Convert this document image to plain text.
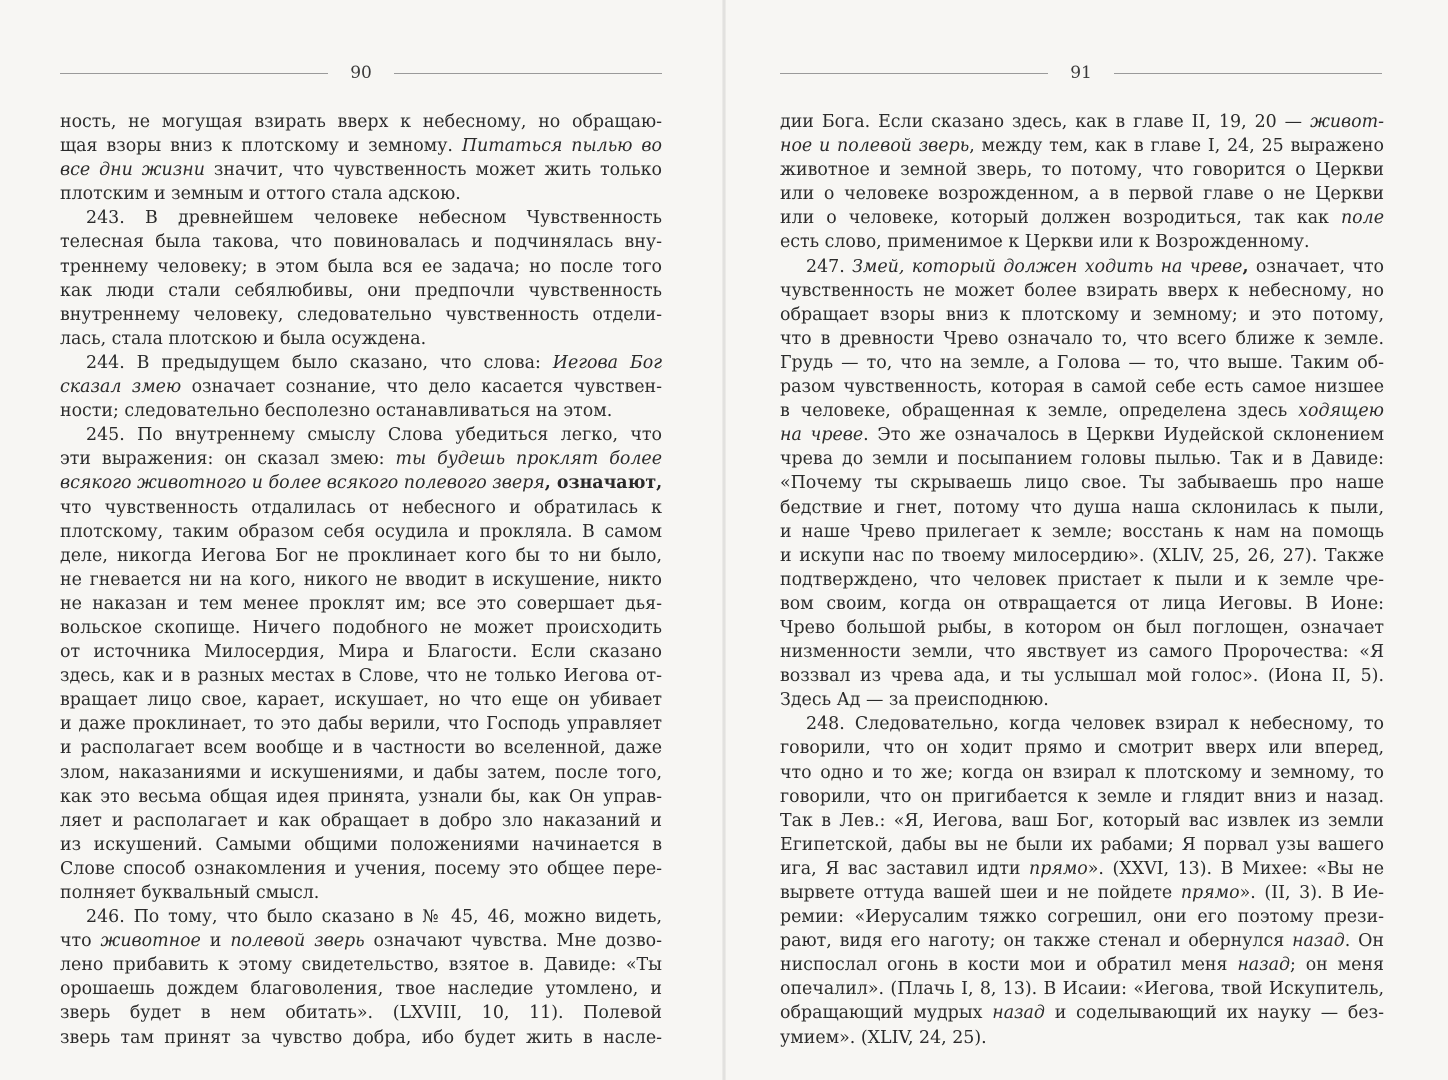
90
ность, не могущая взирать вверх к небесному, но обращаю-
щая взоры вниз к плотскому и земному. Питаться пылью во
все дни жизни значит, что чувственность может жить только
плотским и земным и оттого стала адскою.
243. В древнейшем человеке небесном Чувственность
телесная была такова, что повиновалась и подчинялась вну-
треннему человеку; в этом была вся ее задача; но после того
как люди стали себялюбивы, они предпочли чувственность
внутреннему человеку, следовательно чувственность отдели-
лась, стала плотскою и была осуждена.
244. В предыдущем было сказано, что слова: Иегова Бог
сказал змею означает сознание, что дело касается чувствен-
ности; следовательно бесполезно останавливаться на этом.
245. По внутреннему смыслу Слова убедиться легко, что
эти выражения: он сказал змею: ты будешь проклят более
всякого животного и более всякого полевого зверя, означают,
что чувственность отдалилась от небесного и обратилась к
плотскому, таким образом себя осудила и прокляла. В самом
деле, никогда Иегова Бог не проклинает кого бы то ни было,
не гневается ни на кого, никого не вводит в искушение, никто
не наказан и тем менее проклят им; все это совершает дья-
вольское скопище. Ничего подобного не может происходить
от источника Милосердия, Мира и Благости. Если сказано
здесь, как и в разных местах в Слове, что не только Иегова от-
вращает лицо свое, карает, искушает, но что еще он убивает
и даже проклинает, то это дабы верили, что Господь управляет
и располагает всем вообще и в частности во вселенной, даже
злом, наказаниями и искушениями, и дабы затем, после того,
как это весьма общая идея принята, узнали бы, как Он управ-
ляет и располагает и как обращает в добро зло наказаний и
из искушений. Самыми общими положениями начинается в
Слове способ ознакомления и учения, посему это общее пере-
полняет буквальный смысл.
246. По тому, что было сказано в № 45, 46, можно видеть,
что животное и полевой зверь означают чувства. Мне дозво-
лено прибавить к этому свидетельство, взятое в. Давиде: «Ты
орошаешь дождем благоволения, твое наследие утомлено, и
зверь будет в нем обитать». (LXVIII, 10, 11). Полевой
зверь там принят за чувство добра, ибо будет жить в насле-
91
дии Бога. Если сказано здесь, как в главе II, 19, 20 — живот-
ное и полевой зверь, между тем, как в главе I, 24, 25 выражено
животное и земной зверь, то потому, что говорится о Церкви
или о человеке возрожденном, а в первой главе о не Церкви
или о человеке, который должен возродиться, так как поле
есть слово, применимое к Церкви или к Возрожденному.
247. Змей, который должен ходить на чреве, означает, что
чувственность не может более взирать вверх к небесному, но
обращает взоры вниз к плотскому и земному; и это потому,
что в древности Чрево означало то, что всего ближе к земле.
Грудь — то, что на земле, а Голова — то, что выше. Таким об-
разом чувственность, которая в самой себе есть самое низшее
в человеке, обращенная к земле, определена здесь ходящею
на чреве. Это же означалось в Церкви Иудейской склонением
чрева до земли и посыпанием головы пылью. Так и в Давиде:
«Почему ты скрываешь лицо свое. Ты забываешь про наше
бедствие и гнет, потому что душа наша склонилась к пыли,
и наше Чрево прилегает к земле; восстань к нам на помощь
и искупи нас по твоему милосердию». (XLIV, 25, 26, 27). Также
подтверждено, что человек пристает к пыли и к земле чре-
вом своим, когда он отвращается от лица Иеговы. В Ионе:
Чрево большой рыбы, в котором он был поглощен, означает
низменности земли, что явствует из самого Пророчества: «Я
воззвал из чрева ада, и ты услышал мой голос». (Иона II, 5).
Здесь Ад — за преисподнюю.
248. Следовательно, когда человек взирал к небесному, то
говорили, что он ходит прямо и смотрит вверх или вперед,
что одно и то же; когда он взирал к плотскому и земному, то
говорили, что он пригибается к земле и глядит вниз и назад.
Так в Лев.: «Я, Иегова, ваш Бог, который вас извлек из земли
Египетской, дабы вы не были их рабами; Я порвал узы вашего
ига, Я вас заставил идти прямо». (XXVI, 13). В Михее: «Вы не
вырвете оттуда вашей шеи и не пойдете прямо». (II, 3). В Ие-
ремии: «Иерусалим тяжко согрешил, они его поэтому прези-
рают, видя его наготу; он также стенал и обернулся назад. Он
ниспослал огонь в кости мои и обратил меня назад; он меня
опечалил». (Плачь I, 8, 13). В Исаии: «Иегова, твой Искупитель,
обращающий мудрых назад и соделывающий их науку — без-
умием». (XLIV, 24, 25).
